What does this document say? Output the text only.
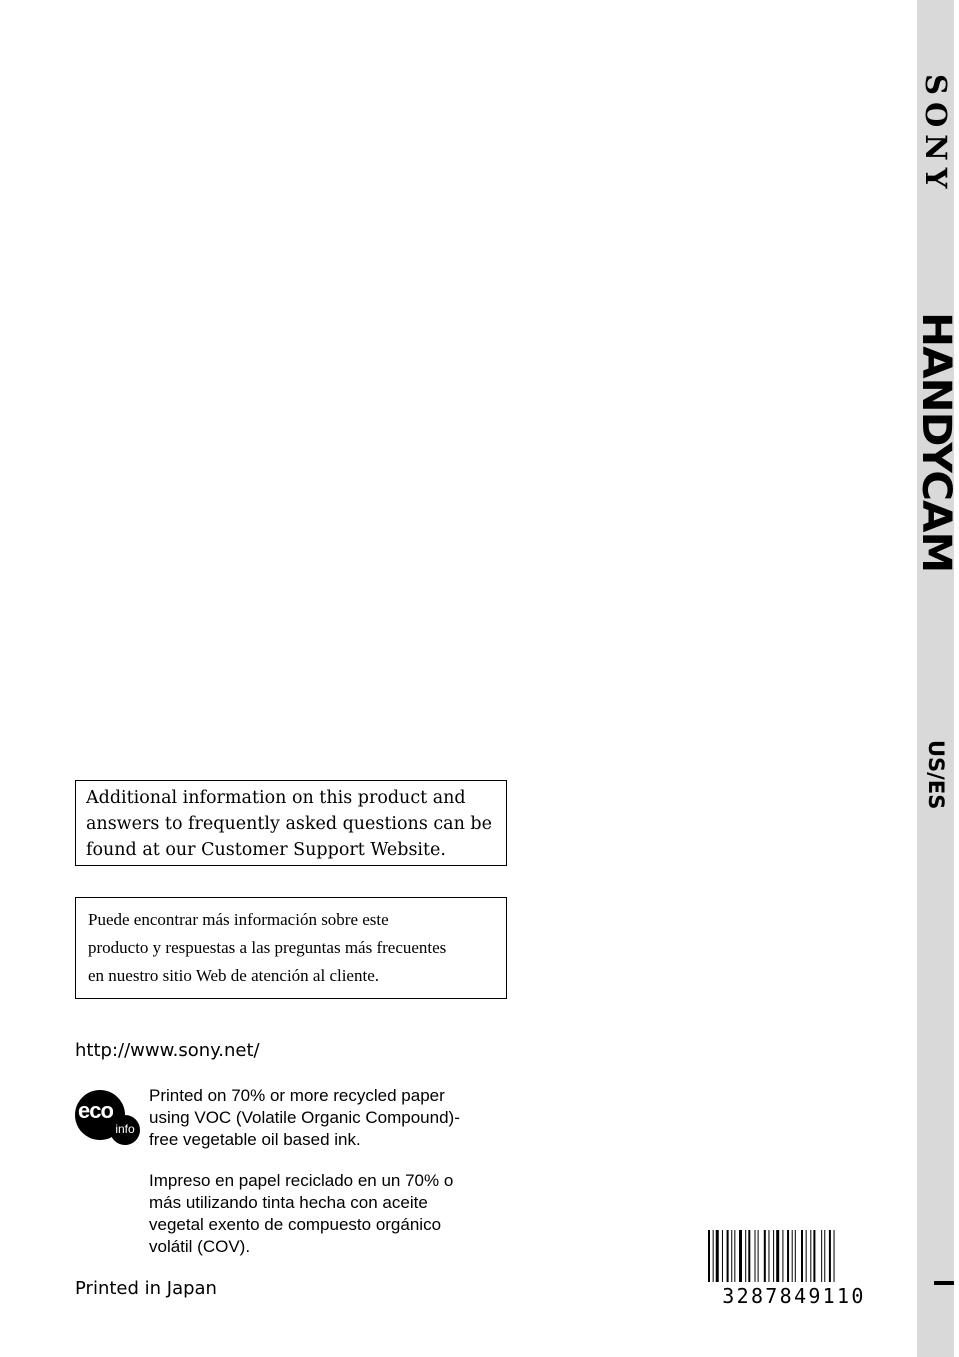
SONY
HANDYCAM
US/ES
Additional information on this product and
answers to frequently asked questions can be
found at our Customer Support Website.
Puede encontrar más información sobre este
producto y respuestas a las preguntas más frecuentes
en nuestro sitio Web de atención al cliente.
http://www.sony.net/
eco
info
Printed on 70% or more recycled paper
using VOC (Volatile Organic Compound)-
free vegetable oil based ink.
Impreso en papel reciclado en un 70% o
más utilizando tinta hecha con aceite
vegetal exento de compuesto orgánico
volátil (COV).
Printed in Japan	3287849110
